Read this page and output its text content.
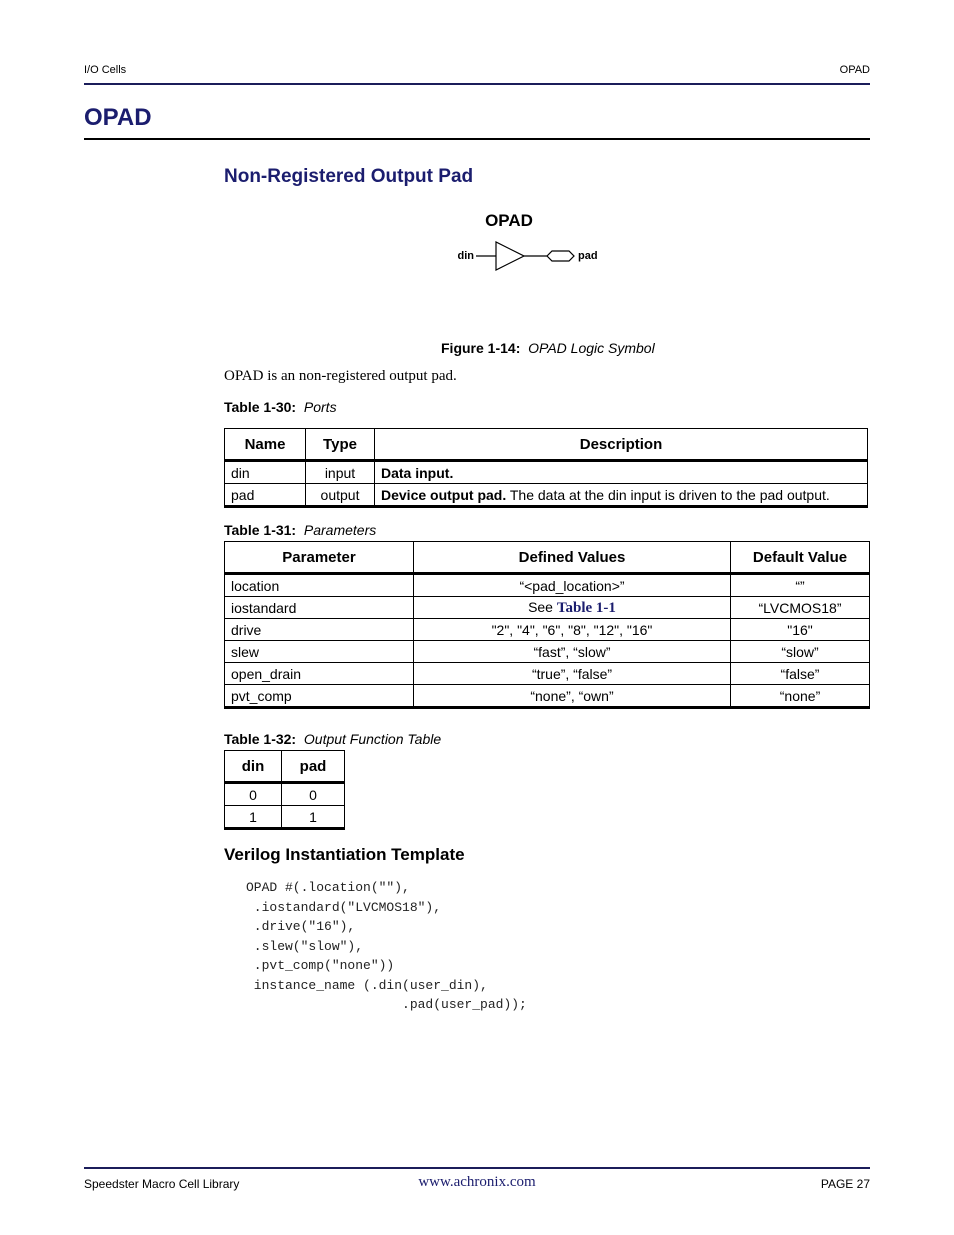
I/O Cells	OPAD
OPAD
Non-Registered Output Pad
OPAD
din	pad
Figure 1-14: OPAD Logic Symbol

OPAD is an non-registered output pad.

Table 1-30: Ports
Name	Type	Description
din	input	Data input.
pad	output	Device output pad. The data at the din input is driven to the pad output.
Table 1-31: Parameters
Parameter	Defined Values	Default Value
location	“<pad_location>”	“”
iostandard	See Table 1-1	“LVCMOS18”
drive	"2", "4", "6", "8", "12", "16"	"16"
slew	“fast”, “slow”	“slow”
open_drain	“true”, “false”	“false”
pvt_comp	“none”, “own”	“none”
Table 1-32: Output Function Table
din	pad
0	0
1	1
Verilog Instantiation Template
OPAD #(.location(""),
.iostandard("LVCMOS18"),
.drive("16"),
.slew("slow"),
.pvt_comp("none"))
instance_name (.din(user_din),
.pad(user_pad));
Speedster Macro Cell Library	www.achronix.com	PAGE 27
